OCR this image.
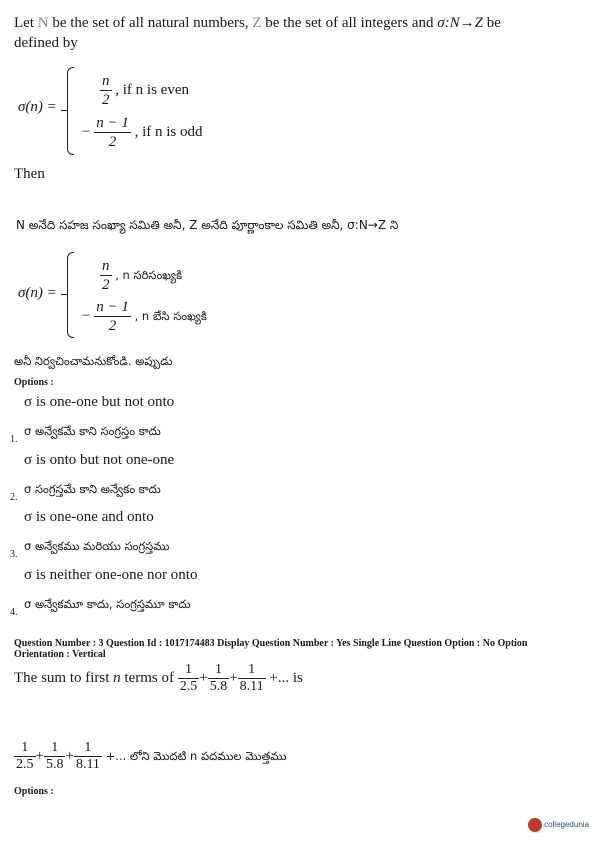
Let N be the set of all natural numbers, Z be the set of all integers and σ:N→Z be
defined by
σ(n) =	$\frac{n}{2}$ , if n is even
− $\frac{n - 1}{2}$ , if n is odd
Then
N అనేది సహజ సంఖ్యా సమితి అనీ, Z అనేది పూర్ణాంకాల సమితి అనీ, σ:N→Z ని
σ(n) =	$\frac{n}{2}$ , n సరిసంఖ్యకి
− $\frac{n - 1}{2}$ , n బేసి సంఖ్యకి
అనీ నిర్వచించామనుకోండి. అప్పుడు
Options :
σ is one-one but not onto
σ అన్వేకమే కాని సంగ్రస్తం కాదు
1.
σ is onto but not one-one
σ సంగ్రస్తమే కాని అన్వేకం కాదు
2.
σ is one-one and onto
σ అన్వేకము మరియు సంగ్రస్తము
3.
σ is neither one-one nor onto
σ అన్వేకమూ కాదు, సంగ్రస్తమూ కాదు
4.
Question Number : 3 Question Id : 1017174483 Display Question Number : Yes Single Line Question Option : No Option
Orientation : Vertical
The sum to first n terms of $\frac{1}{2.5} + \frac{1}{5.8} + \frac{1}{8.11}$ +... is
$\frac{1}{2.5} + \frac{1}{5.8} + \frac{1}{8.11}$ +... లోని మొదటి n పదముల మొత్తము
Options :
collegedunia
